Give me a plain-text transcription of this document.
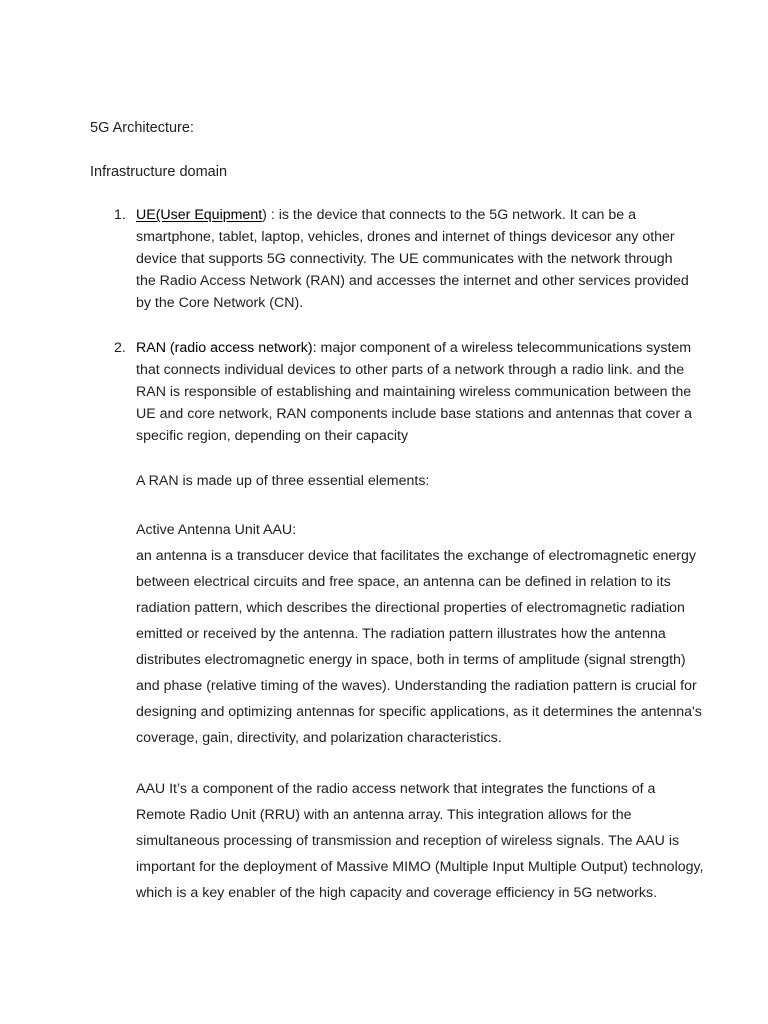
5G Architecture:
Infrastructure domain
1. UE(User Equipment) : is the device that connects to the 5G network. It can be a smartphone, tablet, laptop, vehicles, drones and internet of things devicesor any other device that supports 5G connectivity. The UE communicates with the network through the Radio Access Network (RAN) and accesses the internet and other services provided by the Core Network (CN).
2. RAN (radio access network): major component of a wireless telecommunications system that connects individual devices to other parts of a network through a radio link. and the RAN is responsible of establishing and maintaining wireless communication between the UE and core network, RAN components include base stations and antennas that cover a specific region, depending on their capacity
A RAN is made up of three essential elements:
Active Antenna Unit AAU:
an antenna is a transducer device that facilitates the exchange of electromagnetic energy between electrical circuits and free space, an antenna can be defined in relation to its radiation pattern, which describes the directional properties of electromagnetic radiation emitted or received by the antenna. The radiation pattern illustrates how the antenna distributes electromagnetic energy in space, both in terms of amplitude (signal strength) and phase (relative timing of the waves). Understanding the radiation pattern is crucial for designing and optimizing antennas for specific applications, as it determines the antenna's coverage, gain, directivity, and polarization characteristics.
AAU It’s a component of the radio access network that integrates the functions of a Remote Radio Unit (RRU) with an antenna array. This integration allows for the simultaneous processing of transmission and reception of wireless signals. The AAU is important for the deployment of Massive MIMO (Multiple Input Multiple Output) technology, which is a key enabler of the high capacity and coverage efficiency in 5G networks.
